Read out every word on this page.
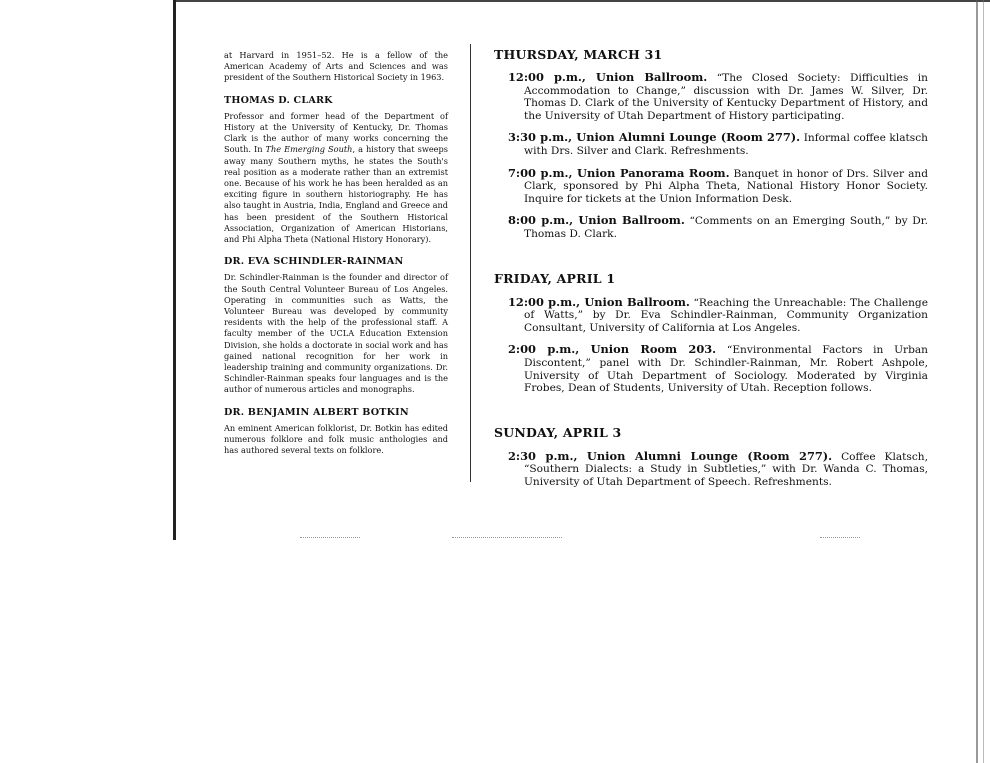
at Harvard in 1951–52. He is a fellow of the American Academy of Arts and Sciences and was president of the Southern Historical Society in 1963.

THOMAS D. CLARK

Professor and former head of the Department of History at the University of Kentucky, Dr. Thomas Clark is the author of many works concerning the South. In The Emerging South, a history that sweeps away many Southern myths, he states the South's real position as a moderate rather than an extremist one. Because of his work he has been heralded as an exciting figure in southern historiography. He has also taught in Austria, India, England and Greece and has been president of the Southern Historical Association, Organization of American Historians, and Phi Alpha Theta (National History Honorary).

DR. EVA SCHINDLER-RAINMAN

Dr. Schindler-Rainman is the founder and director of the South Central Volunteer Bureau of Los Angeles. Operating in communities such as Watts, the Volunteer Bureau was developed by community residents with the help of the professional staff. A faculty member of the UCLA Education Extension Division, she holds a doctorate in social work and has gained national recognition for her work in leadership training and community organizations. Dr. Schindler-Rainman speaks four languages and is the author of numerous articles and monographs.

DR. BENJAMIN ALBERT BOTKIN

An eminent American folklorist, Dr. Botkin has edited numerous folklore and folk music anthologies and has authored several texts on folklore.

THURSDAY, MARCH 31

12:00 p.m., Union Ballroom. “The Closed Society: Difficulties in Accommodation to Change,” discussion with Dr. James W. Silver, Dr. Thomas D. Clark of the University of Kentucky Department of History, and the University of Utah Department of History participating.

3:30 p.m., Union Alumni Lounge (Room 277). Informal coffee klatsch with Drs. Silver and Clark. Refreshments.

7:00 p.m., Union Panorama Room. Banquet in honor of Drs. Silver and Clark, sponsored by Phi Alpha Theta, National History Honor Society. Inquire for tickets at the Union Information Desk.

8:00 p.m., Union Ballroom. “Comments on an Emerging South,” by Dr. Thomas D. Clark.

FRIDAY, APRIL 1

12:00 p.m., Union Ballroom. “Reaching the Unreachable: The Challenge of Watts,” by Dr. Eva Schindler-Rainman, Community Organization Consultant, University of California at Los Angeles.

2:00 p.m., Union Room 203. “Environmental Factors in Urban Discontent,” panel with Dr. Schindler-Rainman, Mr. Robert Ashpole, University of Utah Department of Sociology. Moderated by Virginia Frobes, Dean of Students, University of Utah. Reception follows.

SUNDAY, APRIL 3

2:30 p.m., Union Alumni Lounge (Room 277). Coffee Klatsch, “Southern Dialects: a Study in Subtleties,” with Dr. Wanda C. Thomas, University of Utah Department of Speech. Refreshments.
